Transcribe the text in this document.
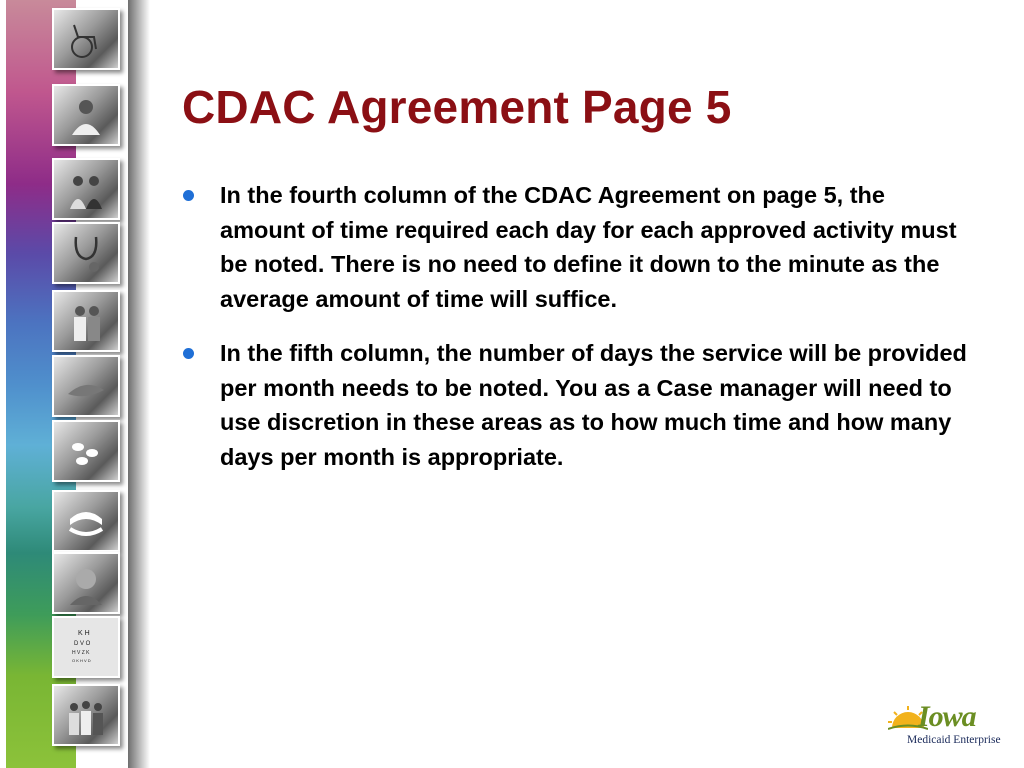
K H
D V O
H V Z K
O K H V D
CDAC Agreement Page 5
In the fourth column of the CDAC Agreement on page 5, the amount of time required each day for each approved activity must be noted. There is no need to define it down to the minute as the average amount of time will suffice.
In the fifth column, the number of days the service will be provided per month needs to be noted. You as a Case manager will need to use discretion in these areas as to how much time and how many days per month is appropriate.
Iowa
Medicaid Enterprise
